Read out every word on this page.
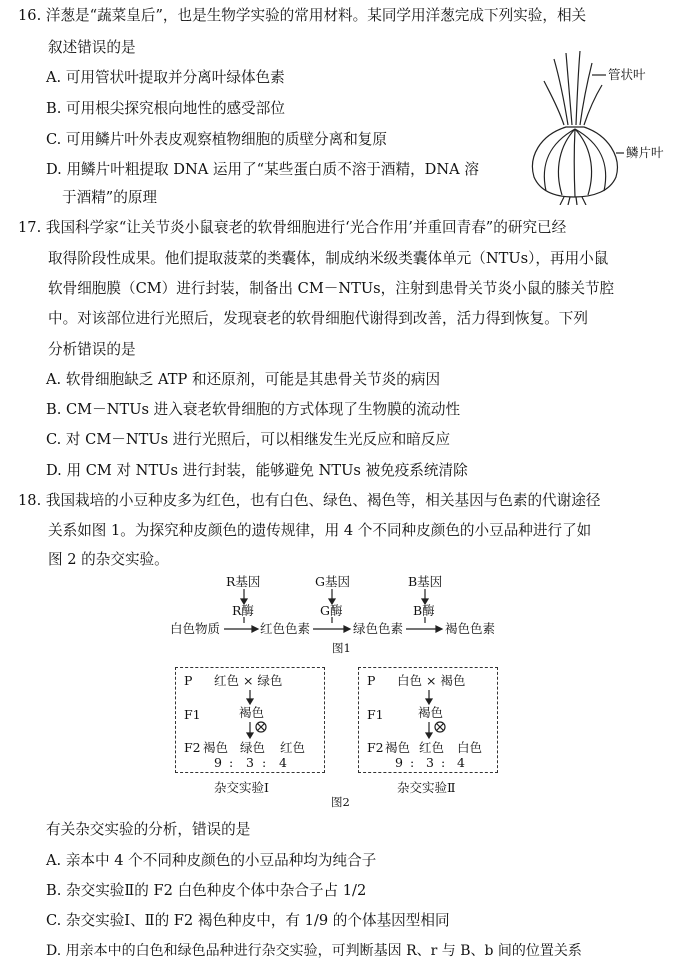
16. 洋葱是“蔬菜皇后”，也是生物学实验的常用材料。某同学用洋葱完成下列实验，相关
叙述错误的是
A. 可用管状叶提取并分离叶绿体色素
B. 可用根尖探究根向地性的感受部位
C. 可用鳞片叶外表皮观察植物细胞的质壁分离和复原
D. 用鳞片叶粗提取 DNA 运用了“某些蛋白质不溶于酒精，DNA 溶
于酒精”的原理
管状叶
鳞片叶
17. 我国科学家“让关节炎小鼠衰老的软骨细胞进行‘光合作用’并重回青春”的研究已经
取得阶段性成果。他们提取菠菜的类囊体，制成纳米级类囊体单元（NTUs），再用小鼠
软骨细胞膜（CM）进行封装，制备出 CM－NTUs，注射到患骨关节炎小鼠的膝关节腔
中。对该部位进行光照后，发现衰老的软骨细胞代谢得到改善，活力得到恢复。下列
分析错误的是
A. 软骨细胞缺乏 ATP 和还原剂，可能是其患骨关节炎的病因
B. CM－NTUs 进入衰老软骨细胞的方式体现了生物膜的流动性
C. 对 CM－NTUs 进行光照后，可以相继发生光反应和暗反应
D. 用 CM 对 NTUs 进行封装，能够避免 NTUs 被免疫系统清除
18. 我国栽培的小豆种皮多为红色，也有白色、绿色、褐色等，相关基因与色素的代谢途径
关系如图 1。为探究种皮颜色的遗传规律，用 4 个不同种皮颜色的小豆品种进行了如
图 2 的杂交实验。
R基因	G基因	B基因
R酶	G酶	B酶
白色物质	红色色素	绿色色素	褐色色素
图1
P 红色 × 绿色
F1	褐色
F2 褐色 绿色 红色
9 : 3 : 4
杂交实验Ⅰ
P 白色 × 褐色
F1	褐色
F2 褐色 红色 白色
9 : 3 : 4
杂交实验Ⅱ
图2
有关杂交实验的分析，错误的是
A. 亲本中 4 个不同种皮颜色的小豆品种均为纯合子
B. 杂交实验Ⅱ的 F2 白色种皮个体中杂合子占 1/2
C. 杂交实验Ⅰ、Ⅱ的 F2 褐色种皮中，有 1/9 的个体基因型相同
D. 用亲本中的白色和绿色品种进行杂交实验，可判断基因 R、r 与 B、b 间的位置关系
